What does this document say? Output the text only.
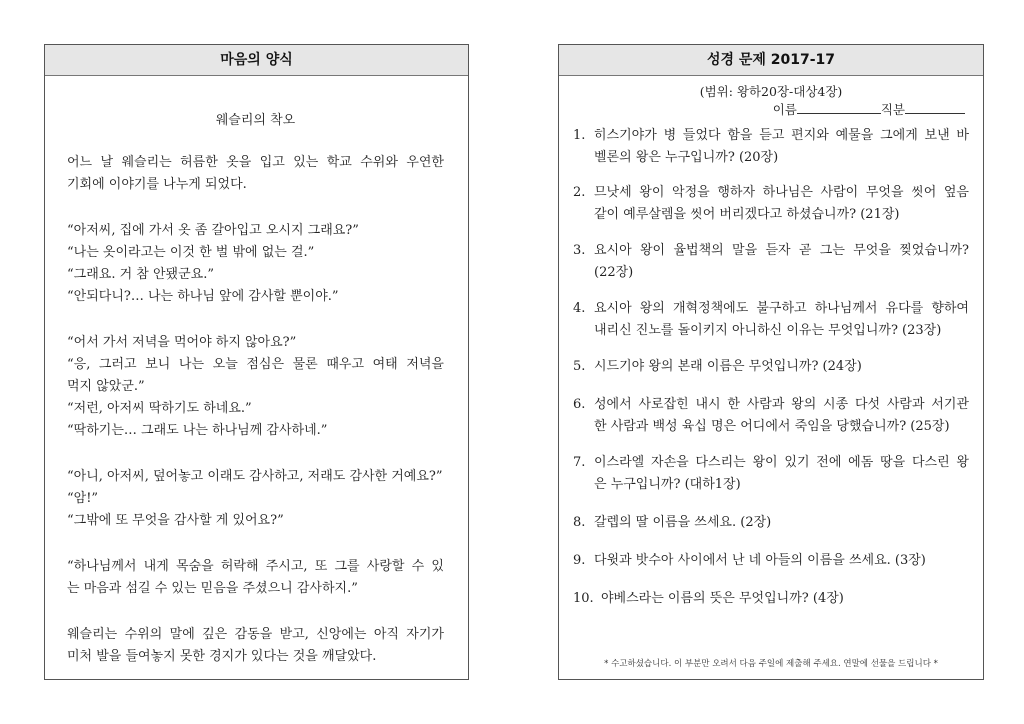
마음의 양식
웨슬리의 착오
어느 날 웨슬리는 허름한 옷을 입고 있는 학교 수위와 우연한
기회에 이야기를 나누게 되었다.
“아저씨, 집에 가서 옷 좀 갈아입고 오시지 그래요?”
“나는 옷이라고는 이것 한 벌 밖에 없는 걸.”
“그래요. 거 참 안됐군요.”
“안되다니?… 나는 하나님 앞에 감사할 뿐이야.”
“어서 가서 저녁을 먹어야 하지 않아요?”
“응, 그러고 보니 나는 오늘 점심은 물론 때우고 여태 저녁을
먹지 않았군.”
“저런, 아저씨 딱하기도 하네요.”
“딱하기는… 그래도 나는 하나님께 감사하네.”
“아니, 아저씨, 덮어놓고 이래도 감사하고, 저래도 감사한 거예요?”
“암!”
“그밖에 또 무엇을 감사할 게 있어요?”
“하나님께서 내게 목숨을 허락해 주시고, 또 그를 사랑할 수 있
는 마음과 섬길 수 있는 믿음을 주셨으니 감사하지.”
웨슬리는 수위의 말에 깊은 감동을 받고, 신앙에는 아직 자기가
미처 발을 들여놓지 못한 경지가 있다는 것을 깨달았다.
성경 문제 2017-17
(범위: 왕하20장-대상4장)
이름	직분
1. 히스기야가 병 들었다 함을 듣고 편지와 예물을 그에게 보낸 바
벨론의 왕은 누구입니까? (20장)
2. 므낫세 왕이 악정을 행하자 하나님은 사람이 무엇을 씻어 엎음
같이 예루살렘을 씻어 버리겠다고 하셨습니까? (21장)
3. 요시아 왕이 율법책의 말을 듣자 곧 그는 무엇을 찢었습니까?
(22장)
4. 요시아 왕의 개혁정책에도 불구하고 하나님께서 유다를 향하여
내리신 진노를 돌이키지 아니하신 이유는 무엇입니까? (23장)
5. 시드기야 왕의 본래 이름은 무엇입니까? (24장)
6. 성에서 사로잡힌 내시 한 사람과 왕의 시종 다섯 사람과 서기관
한 사람과 백성 육십 명은 어디에서 죽임을 당했습니까? (25장)
7. 이스라엘 자손을 다스리는 왕이 있기 전에 에돔 땅을 다스린 왕
은 누구입니까? (대하1장)
8. 갈렙의 딸 이름을 쓰세요. (2장)
9. 다윗과 밧수아 사이에서 난 네 아들의 이름을 쓰세요. (3장)
10. 야베스라는 이름의 뜻은 무엇입니까? (4장)
* 수고하셨습니다. 이 부분만 오려서 다음 주일에 제출해 주세요. 연말에 선물을 드립니다 *
